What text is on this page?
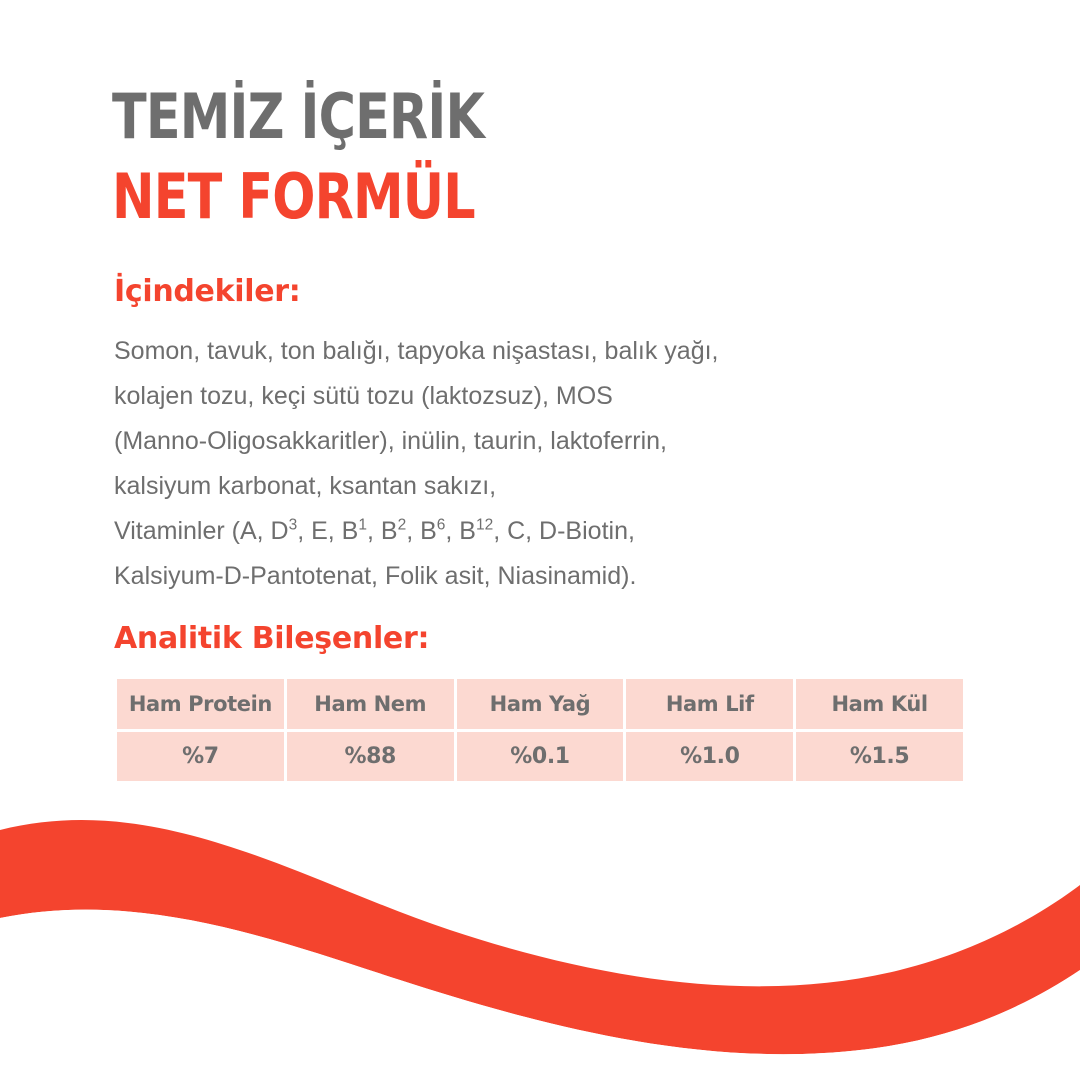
TEMİZ İÇERİK
NET FORMÜL
İçindekiler:
Somon, tavuk, ton balığı, tapyoka nişastası, balık yağı,
kolajen tozu, keçi sütü tozu (laktozsuz), MOS
(Manno-Oligosakkaritler), inülin, taurin, laktoferrin,
kalsiyum karbonat, ksantan sakızı,
Vitaminler (A, $D^3$, E, $B^1$, $B^2$, $B^6$, $B^{12}$, C, D-Biotin,
Kalsiyum-D-Pantotenat, Folik asit, Niasinamid).
Analitik Bileşenler:
Ham Protein	Ham Nem	Ham Yağ	Ham Lif	Ham Kül
%7	%88	%0.1	%1.0	%1.5
